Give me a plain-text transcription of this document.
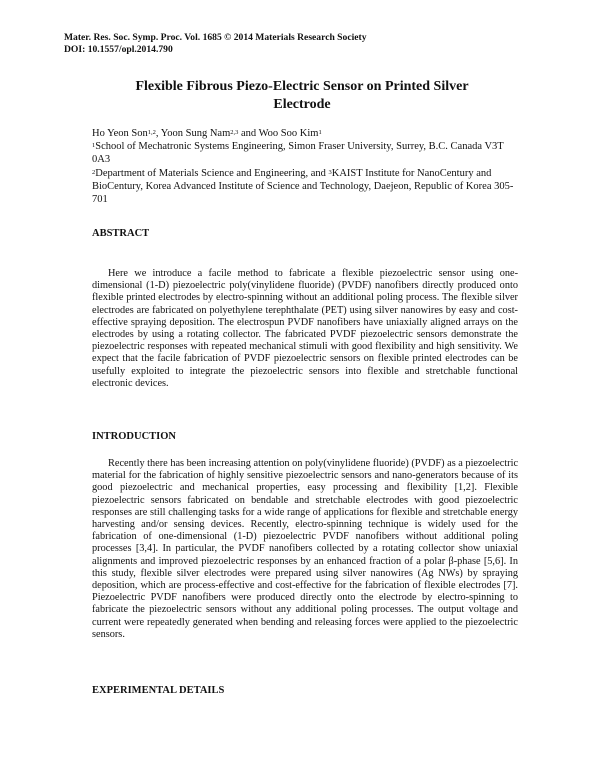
Mater. Res. Soc. Symp. Proc. Vol. 1685 © 2014 Materials Research Society
DOI: 10.1557/opl.2014.790
Flexible Fibrous Piezo-Electric Sensor on Printed Silver
Electrode

Ho Yeon Son$^{1,2}$, Yoon Sung Nam$^{2,3}$ and Woo Soo Kim$^1$

$^1$School of Mechatronic Systems Engineering, Simon Fraser University, Surrey, B.C. Canada V3T 0A3

$^2$Department of Materials Science and Engineering, and $^3$KAIST Institute for NanoCentury and BioCentury, Korea Advanced Institute of Science and Technology, Daejeon, Republic of Korea 305-701

ABSTRACT

Here we introduce a facile method to fabricate a flexible piezoelectric sensor using one-dimensional (1-D) piezoelectric poly(vinylidene fluoride) (PVDF) nanofibers directly produced onto flexible printed electrodes by electro-spinning without an additional poling process. The flexible silver electrodes are fabricated on polyethylene terephthalate (PET) using silver nanowires by easy and cost-effective spraying deposition. The electrospun PVDF nanofibers have uniaxially aligned arrays on the electrodes by using a rotating collector. The fabricated PVDF piezoelectric sensors demonstrate the piezoelectric responses with repeated mechanical stimuli with good flexibility and high sensitivity. We expect that the facile fabrication of PVDF piezoelectric sensors on flexible printed electrodes can be usefully exploited to integrate the piezoelectric sensors into flexible and stretchable functional electronic devices.

INTRODUCTION

Recently there has been increasing attention on poly(vinylidene fluoride) (PVDF) as a piezoelectric material for the fabrication of highly sensitive piezoelectric sensors and nano-generators because of its good piezoelectric and mechanical properties, easy processing and flexibility [1,2]. Flexible piezoelectric sensors fabricated on bendable and stretchable electrodes with good piezoelectric responses are still challenging tasks for a wide range of applications for flexible and stretchable energy harvesting and/or sensing devices. Recently, electro-spinning technique is widely used for the fabrication of one-dimensional (1-D) piezoelectric PVDF nanofibers without additional poling processes [3,4]. In particular, the PVDF nanofibers collected by a rotating collector show uniaxial alignments and improved piezoelectric responses by an enhanced fraction of a polar β-phase [5,6]. In this study, flexible silver electrodes were prepared using silver nanowires (Ag NWs) by spraying deposition, which are process-effective and cost-effective for the fabrication of flexible electrodes [7]. Piezoelectric PVDF nanofibers were produced directly onto the electrode by electro-spinning to fabricate the piezoelectric sensors without any additional poling processes. The output voltage and current were repeatedly generated when bending and releasing forces were applied to the piezoelectric sensors.

EXPERIMENTAL DETAILS
